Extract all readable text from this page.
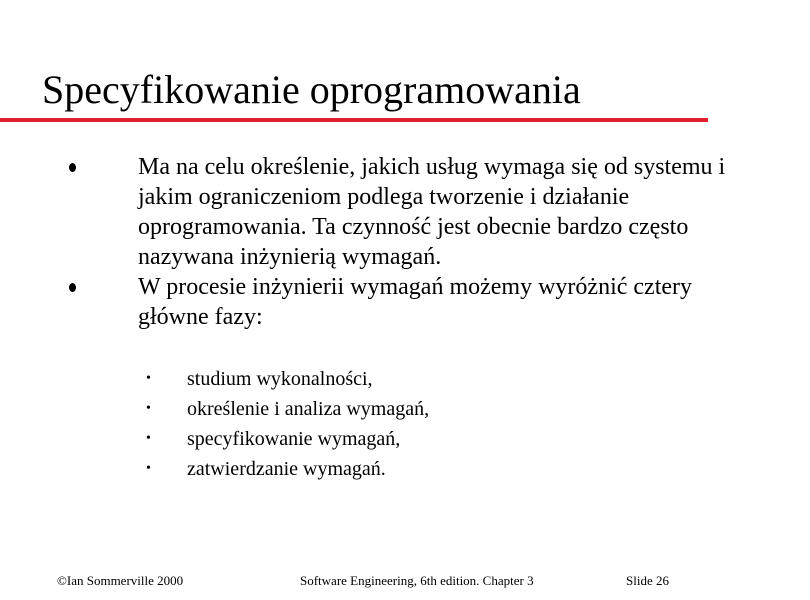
Specyfikowanie oprogramowania
Ma na celu określenie, jakich usług wymaga się od systemu i jakim ograniczeniom podlega tworzenie i działanie oprogramowania. Ta czynność jest obecnie bardzo często nazywana inżynierią wymagań.
W procesie inżynierii wymagań możemy wyróżnić cztery główne fazy:
• studium wykonalności,
• określenie i analiza wymagań,
• specyfikowanie wymagań,
• zatwierdzanie wymagań.
©Ian Sommerville 2000	Software Engineering, 6th edition. Chapter 3	Slide 26
